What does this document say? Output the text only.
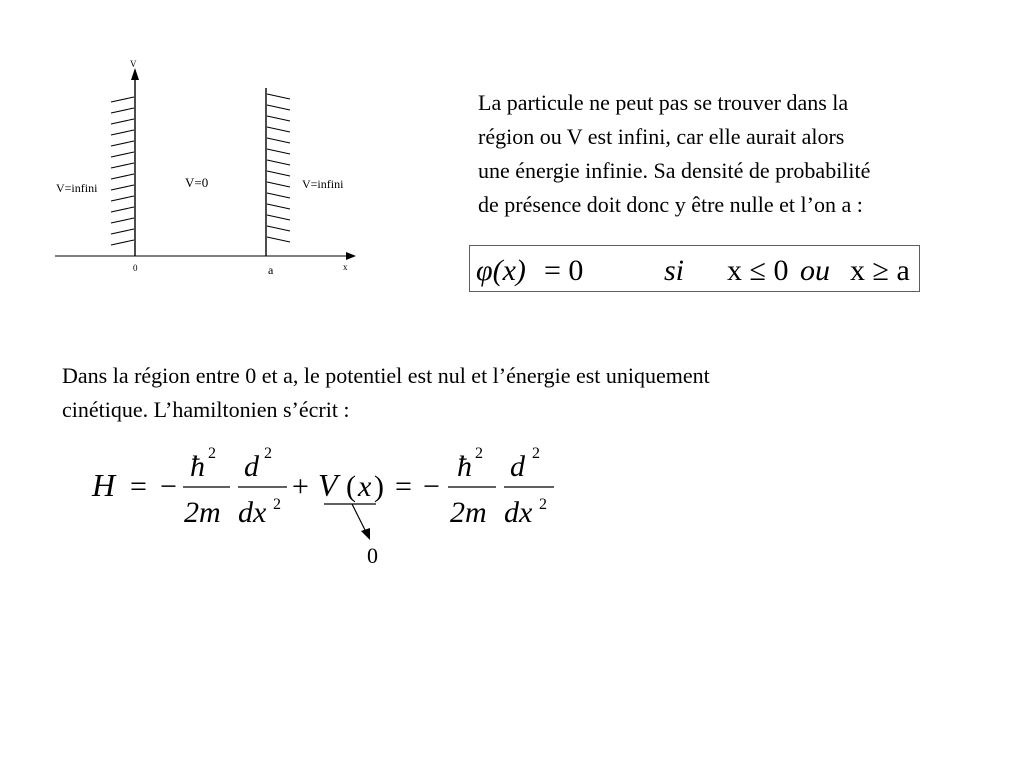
V
x
0	a
V=infini	V=0	V=infini
La particule ne peut pas se trouver dans la
région ou V est infini, car elle aurait alors
une énergie infinie. Sa densité de probabilité
de présence doit donc y être nulle et l’on a :
φ(x) = 0	si x ≤ 0 ou x ≥ a
Dans la région entre 0 et a, le potentiel est nul et l’énergie est uniquement
cinétique. L’hamiltonien s’écrit :
H = −
ħ 2
2m
d 2
dx 2
+ V ( x ) = −
ħ 2
2m
d 2
dx 2
0
